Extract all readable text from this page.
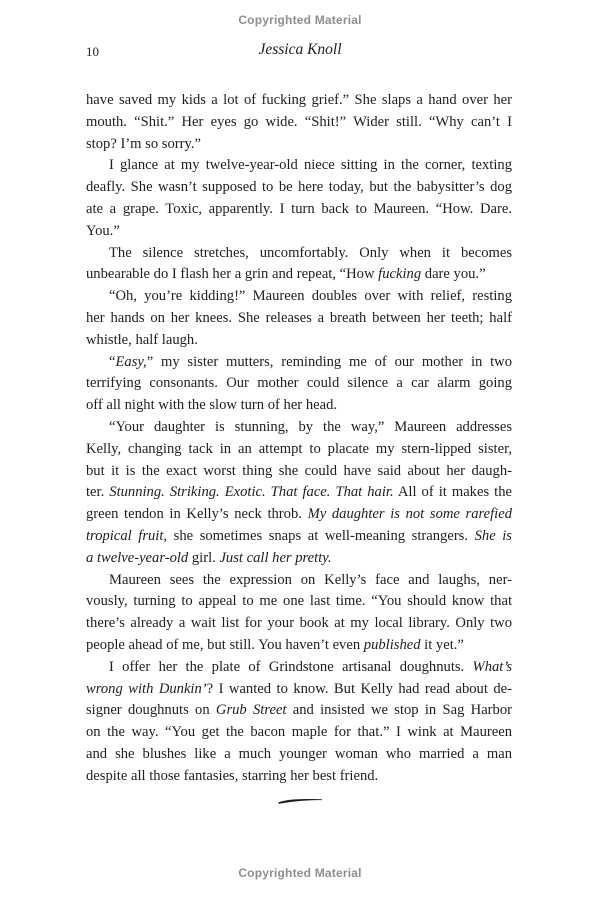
Copyrighted Material
10	Jessica Knoll
have saved my kids a lot of fucking grief.” She slaps a hand over her
mouth. “Shit.” Her eyes go wide. “Shit!” Wider still. “Why can’t I
stop? I’m so sorry.”
I glance at my twelve-year-old niece sitting in the corner, texting
deafly. She wasn’t supposed to be here today, but the babysitter’s dog
ate a grape. Toxic, apparently. I turn back to Maureen. “How. Dare.
You.”
The silence stretches, uncomfortably. Only when it becomes
unbearable do I flash her a grin and repeat, “How fucking dare you.”
“Oh, you’re kidding!” Maureen doubles over with relief, resting
her hands on her knees. She releases a breath between her teeth; half
whistle, half laugh.
“Easy,” my sister mutters, reminding me of our mother in two
terrifying consonants. Our mother could silence a car alarm going
off all night with the slow turn of her head.
“Your daughter is stunning, by the way,” Maureen addresses
Kelly, changing tack in an attempt to placate my stern-lipped sister,
but it is the exact worst thing she could have said about her daugh-
ter. Stunning. Striking. Exotic. That face. That hair. All of it makes the
green tendon in Kelly’s neck throb. My daughter is not some rarefied
tropical fruit, she sometimes snaps at well-meaning strangers. She is
a twelve-year-old girl. Just call her pretty.
Maureen sees the expression on Kelly’s face and laughs, ner-
vously, turning to appeal to me one last time. “You should know that
there’s already a wait list for your book at my local library. Only two
people ahead of me, but still. You haven’t even published it yet.”
I offer her the plate of Grindstone artisanal doughnuts. What’s
wrong with Dunkin’? I wanted to know. But Kelly had read about de-
signer doughnuts on Grub Street and insisted we stop in Sag Harbor
on the way. “You get the bacon maple for that.” I wink at Maureen
and she blushes like a much younger woman who married a man
despite all those fantasies, starring her best friend.
Copyrighted Material
